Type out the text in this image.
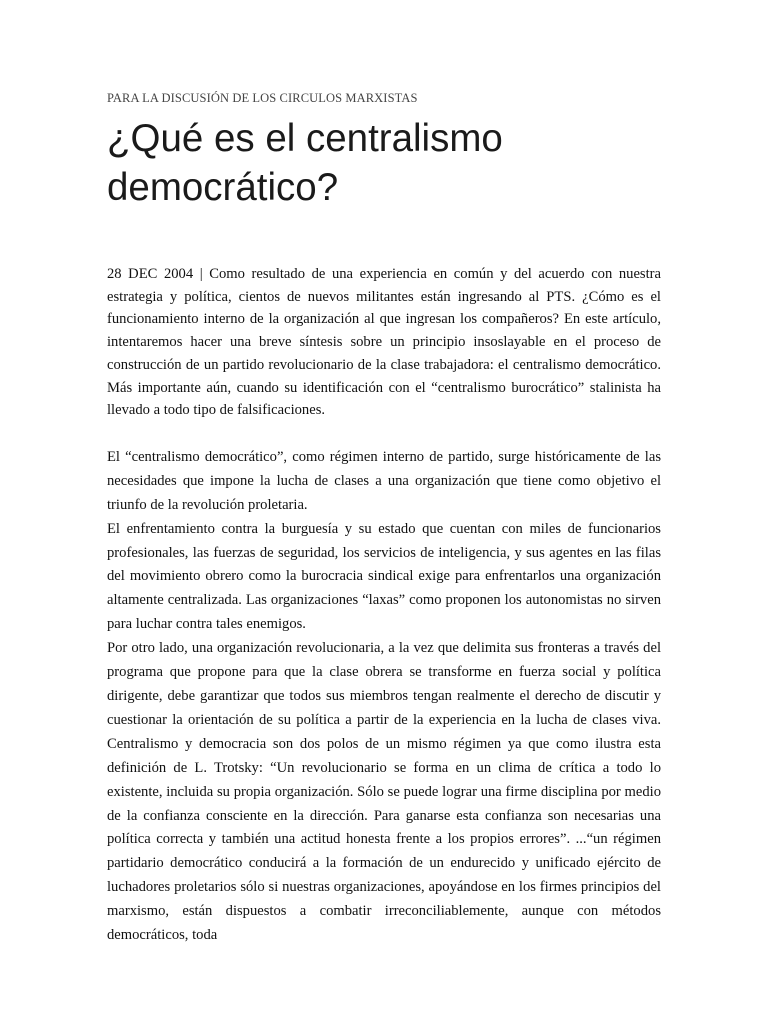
PARA LA DISCUSIÓN DE LOS CIRCULOS MARXISTAS
¿Qué es el centralismo democrático?

28 DEC 2004 | Como resultado de una experiencia en común y del acuerdo con nuestra estrategia y política, cientos de nuevos militantes están ingresando al PTS. ¿Cómo es el funcionamiento interno de la organización al que ingresan los compañeros? En este artículo, intentaremos hacer una breve síntesis sobre un principio insoslayable en el proceso de construcción de un partido revolucionario de la clase trabajadora: el centralismo democrático. Más importante aún, cuando su identificación con el “centralismo burocrático” stalinista ha llevado a todo tipo de falsificaciones.

El “centralismo democrático”, como régimen interno de partido, surge históricamente de las necesidades que impone la lucha de clases a una organización que tiene como objetivo el triunfo de la revolución proletaria.

El enfrentamiento contra la burguesía y su estado que cuentan con miles de funcionarios profesionales, las fuerzas de seguridad, los servicios de inteligencia, y sus agentes en las filas del movimiento obrero como la burocracia sindical exige para enfrentarlos una organización altamente centralizada. Las organizaciones “laxas” como proponen los autonomistas no sirven para luchar contra tales enemigos.

Por otro lado, una organización revolucionaria, a la vez que delimita sus fronteras a través del programa que propone para que la clase obrera se transforme en fuerza social y política dirigente, debe garantizar que todos sus miembros tengan realmente el derecho de discutir y cuestionar la orientación de su política a partir de la experiencia en la lucha de clases viva. Centralismo y democracia son dos polos de un mismo régimen ya que como ilustra esta definición de L. Trotsky: “Un revolucionario se forma en un clima de crítica a todo lo existente, incluida su propia organización. Sólo se puede lograr una firme disciplina por medio de la confianza consciente en la dirección. Para ganarse esta confianza son necesarias una política correcta y también una actitud honesta frente a los propios errores”. ...“un régimen partidario democrático conducirá a la formación de un endurecido y unificado ejército de luchadores proletarios sólo si nuestras organizaciones, apoyándose en los firmes principios del marxismo, están dispuestos a combatir irreconciliablemente, aunque con métodos democráticos, toda
